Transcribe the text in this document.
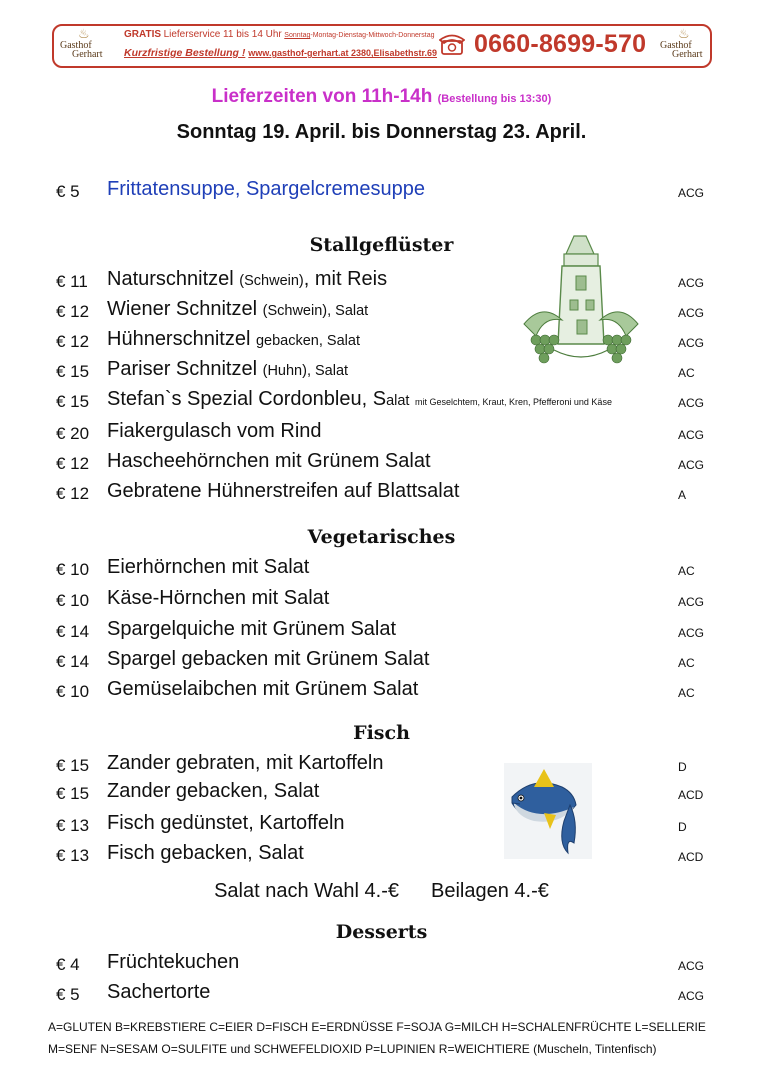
♨
Gasthof
Gerhart
GRATIS Lieferservice 11 bis 14 Uhr Sonntag-Montag-Dienstag-Mittwoch-Donnerstag
Kurzfristige Bestellung ! www.gasthof-gerhart.at 2380,Elisabethstr.69 0660-8699-570 ♨
Gasthof
Gerhart
Lieferzeiten von 11h-14h (Bestellung bis 13:30)
Sonntag 19. April. bis Donnerstag 23. April.
€ 5 Frittatensuppe, Spargelcremesuppe	ACG
Stallgeflüster
€ 11 Naturschnitzel (Schwein), mit Reis	ACG
€ 12 Wiener Schnitzel (Schwein), Salat	ACG
€ 12 Hühnerschnitzel gebacken, Salat	ACG
€ 15 Pariser Schnitzel (Huhn), Salat	AC
€ 15 Stefan`s Spezial Cordonbleu, Salat mit Geselchtem, Kraut, Kren, Pfefferoni und Käse	ACG
€ 20 Fiakergulasch vom Rind	ACG
€ 12 Hascheehörnchen mit Grünem Salat	ACG
€ 12 Gebratene Hühnerstreifen auf Blattsalat	A
Vegetarisches
€ 10 Eierhörnchen mit Salat	AC
€ 10 Käse-Hörnchen mit Salat	ACG
€ 14 Spargelquiche mit Grünem Salat	ACG
€ 14 Spargel gebacken mit Grünem Salat	AC
€ 10 Gemüselaibchen mit Grünem Salat	AC
Fisch
€ 15 Zander gebraten, mit Kartoffeln	D
€ 15 Zander gebacken, Salat	ACD
€ 13 Fisch gedünstet, Kartoffeln	D
€ 13 Fisch gebacken, Salat	ACD
Salat nach Wahl 4.-€ Beilagen 4.-€
Desserts
€ 4 Früchtekuchen	ACG
€ 5 Sachertorte	ACG
A=GLUTEN B=KREBSTIERE C=EIER D=FISCH E=ERDNÜSSE F=SOJA G=MILCH H=SCHALENFRÜCHTE L=SELLERIE
M=SENF N=SESAM O=SULFITE und SCHWEFELDIOXID P=LUPINIEN R=WEICHTIERE (Muscheln, Tintenfisch)
